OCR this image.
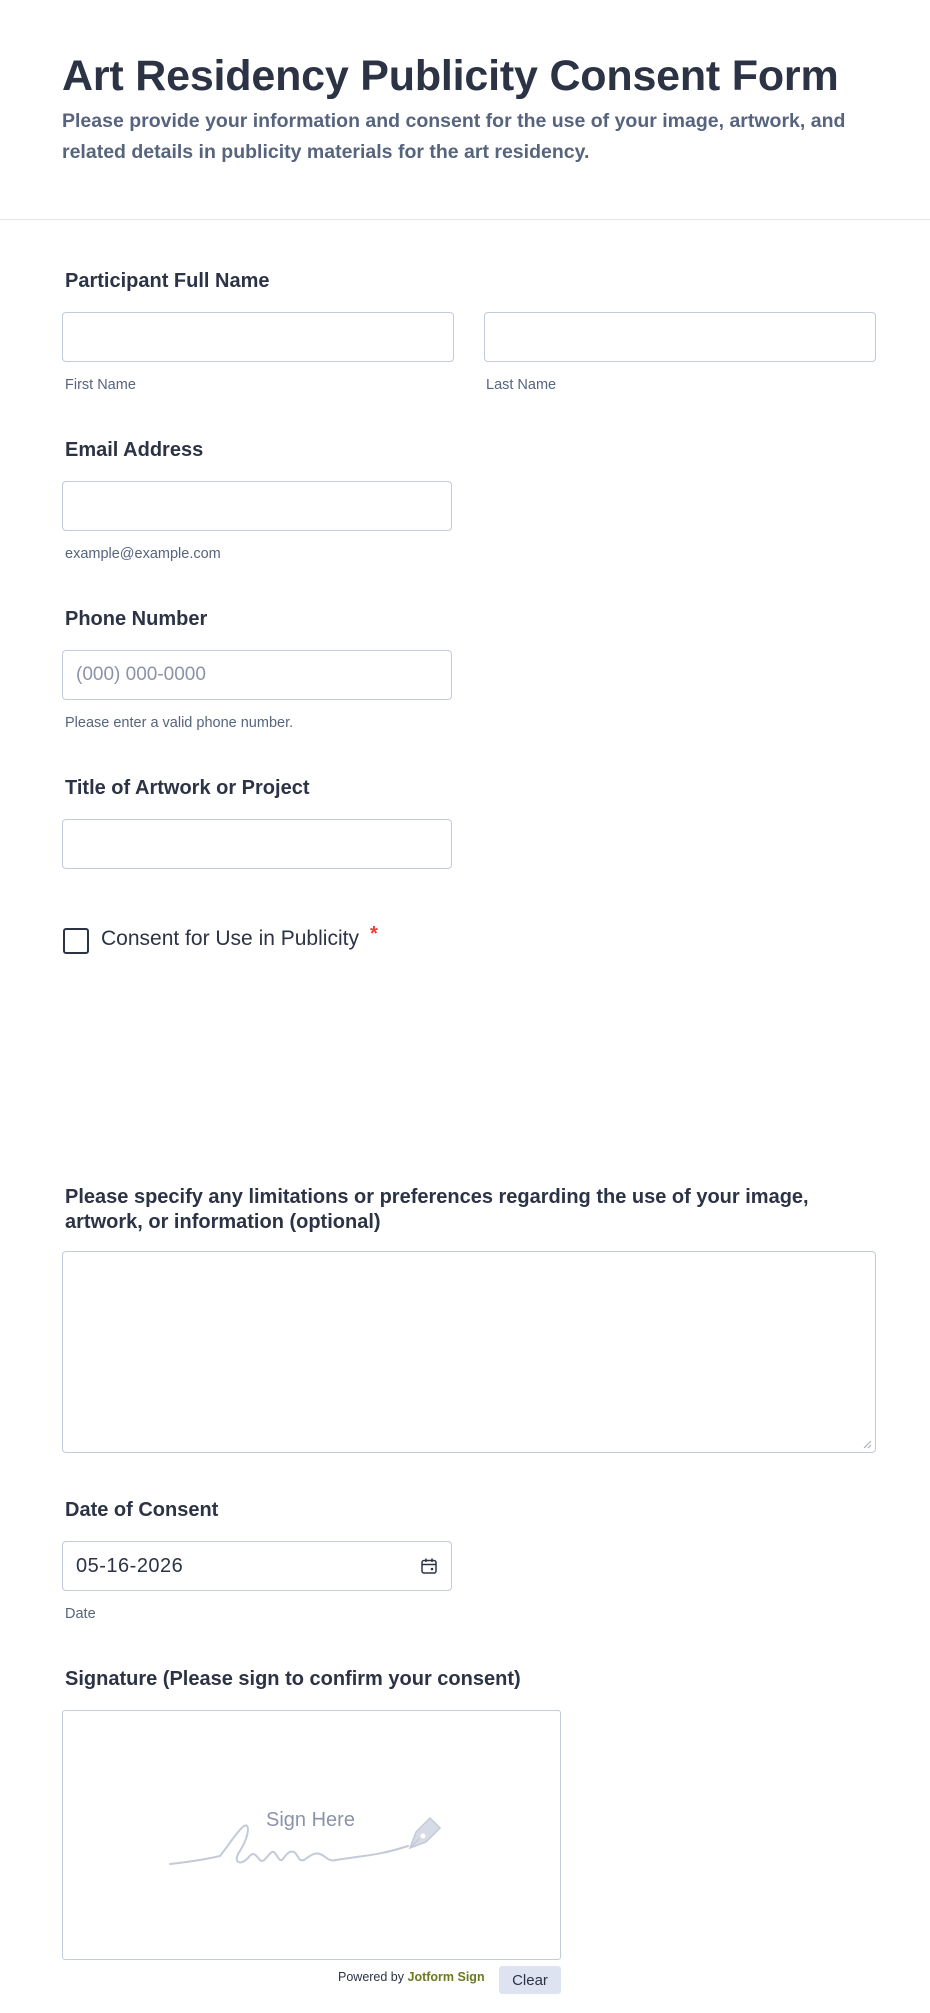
Art Residency Publicity Consent Form

Please provide your information and consent for the use of your image, artwork, and related details in publicity materials for the art residency.

Participant Full Name
First Name	Last Name
Email Address
example@example.com
Phone Number
(000) 000-0000
Please enter a valid phone number.
Title of Artwork or Project
Consent for Use in Publicity *
Please specify any limitations or preferences regarding the use of your image, artwork, or information (optional)
Date of Consent
05-16-2026
Date
Signature (Please sign to confirm your consent)
Sign Here
Powered by Jotform Sign	Clear
